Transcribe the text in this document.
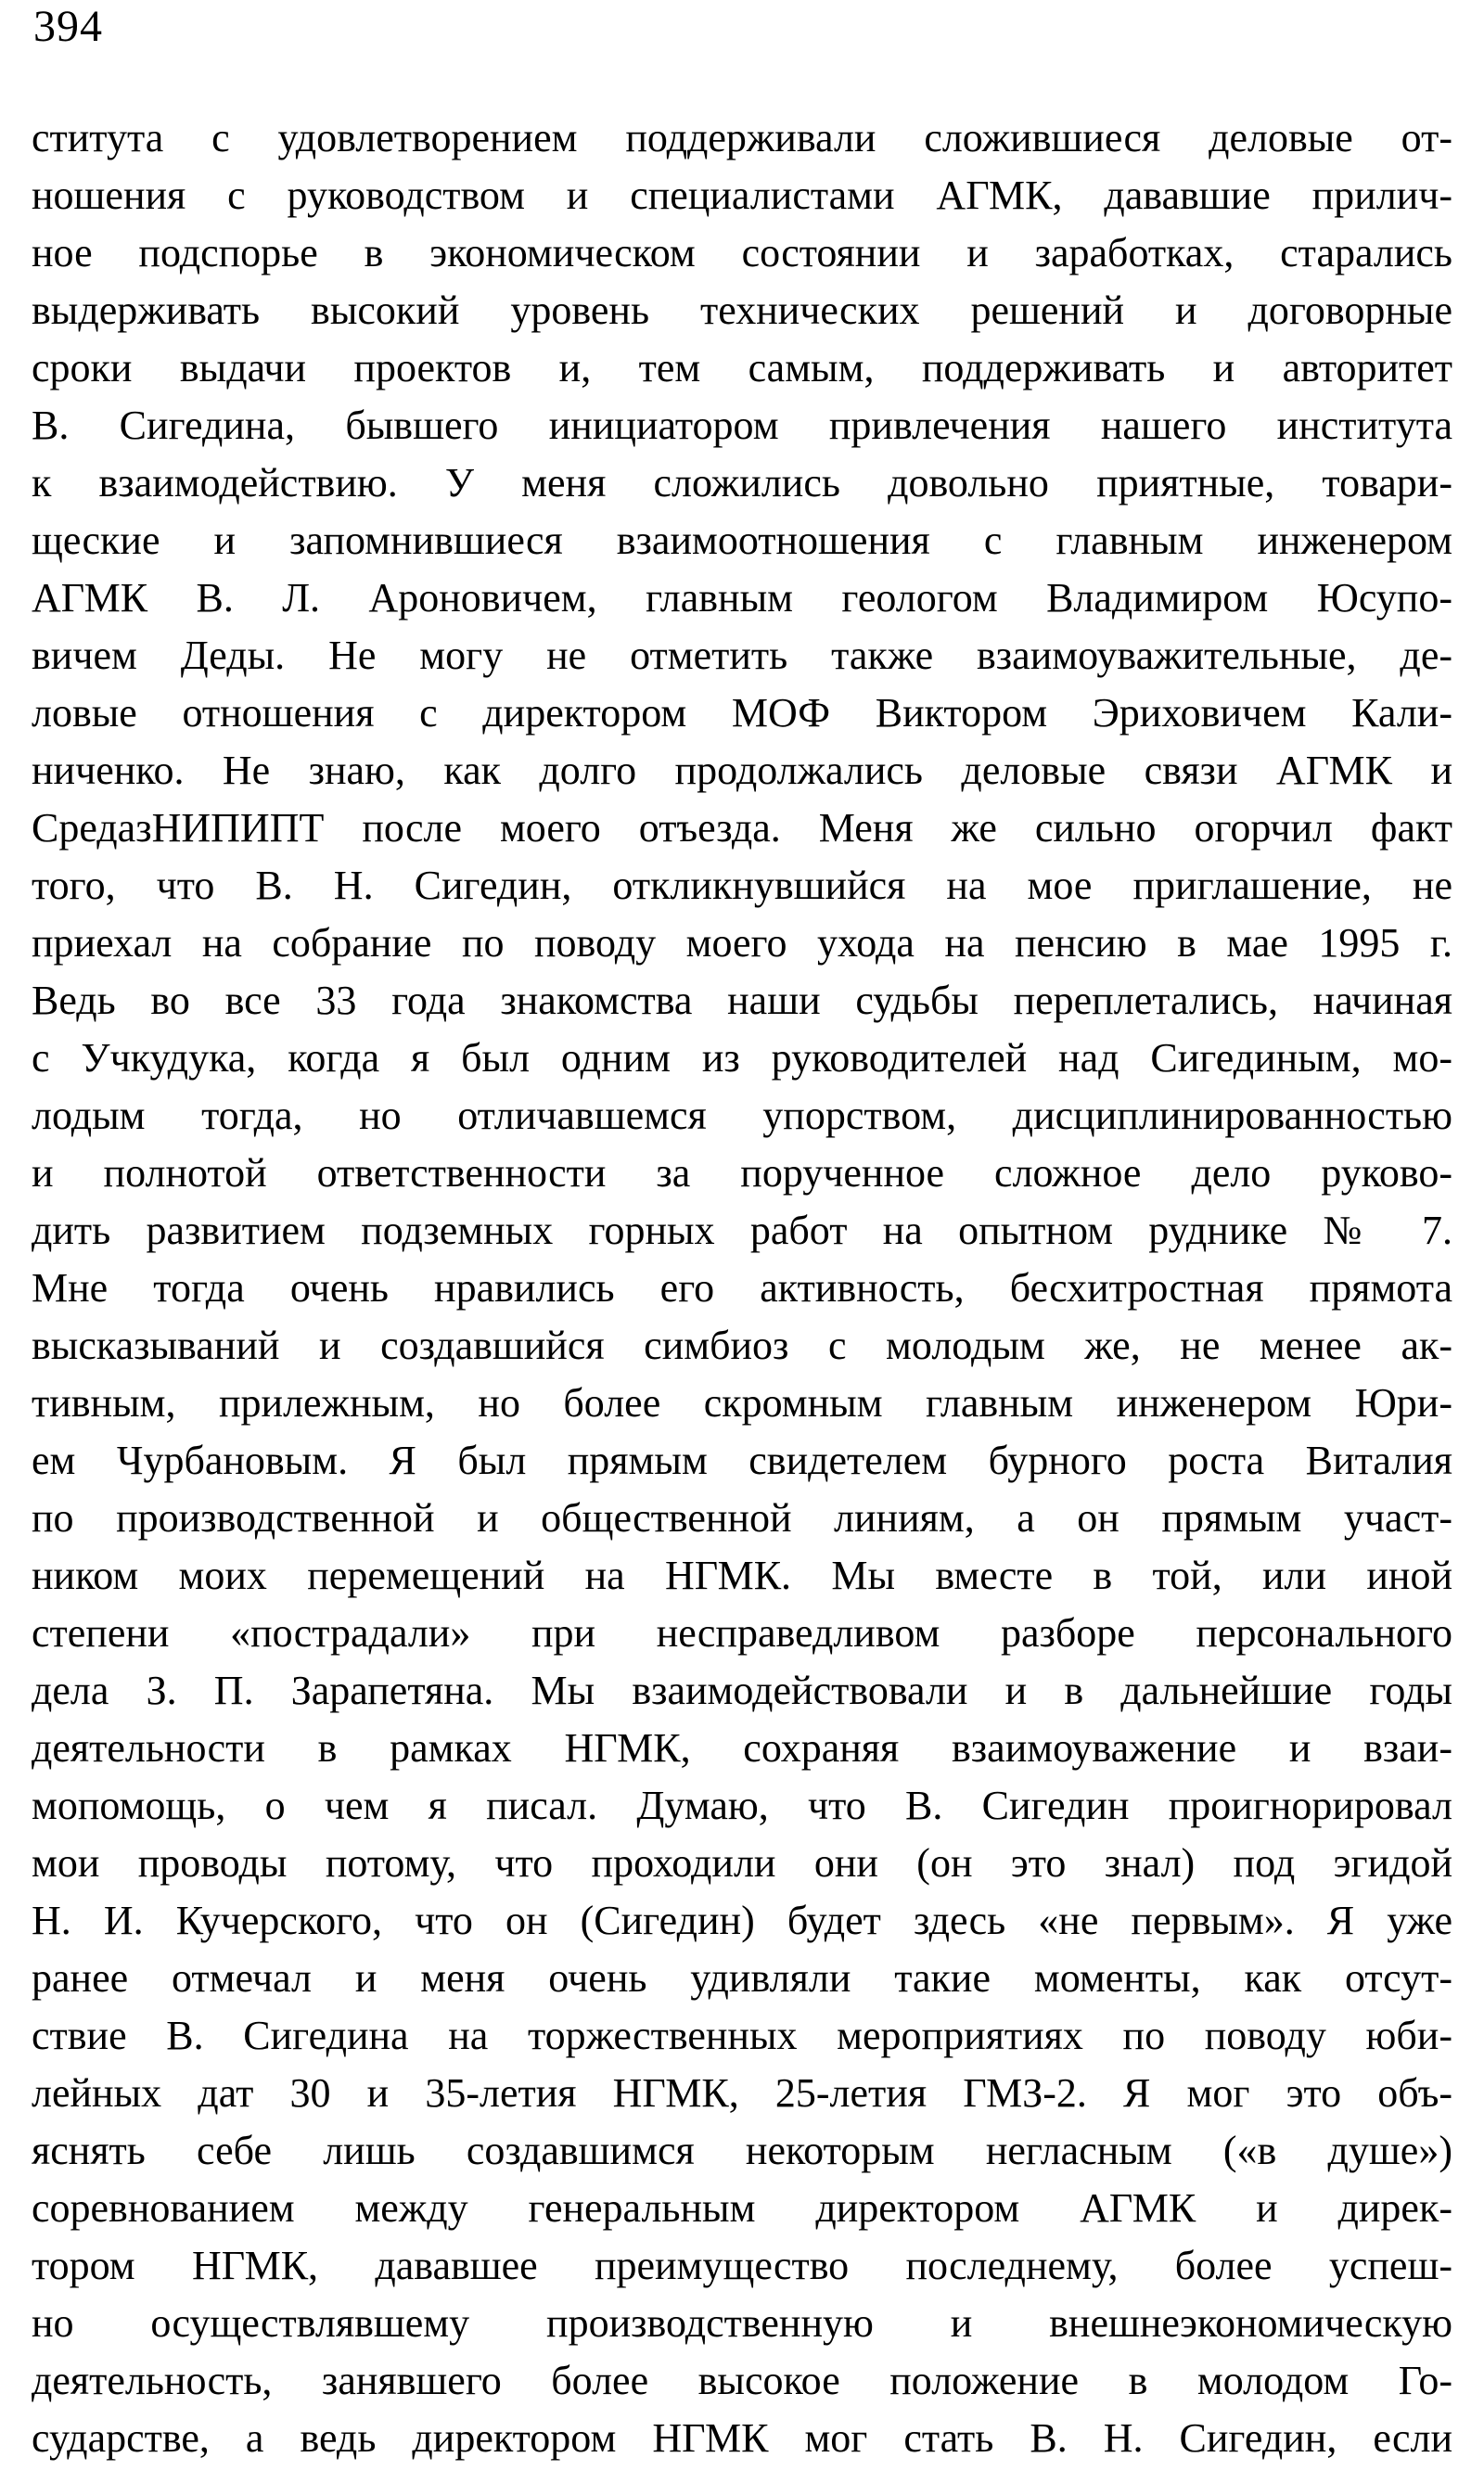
394
ститута с удовлетворением поддерживали сложившиеся деловые от-
ношения с руководством и специалистами АГМК, дававшие прилич-
ное подспорье в экономическом состоянии и заработках, старались
выдерживать высокий уровень технических решений и договорные
сроки выдачи проектов и, тем самым, поддерживать и авторитет
В. Сигедина, бывшего инициатором привлечения нашего института
к взаимодействию. У меня сложились довольно приятные, товари-
щеские и запомнившиеся взаимоотношения с главным инженером
АГМК В. Л. Ароновичем, главным геологом Владимиром Юсупо-
вичем Деды. Не могу не отметить также взаимоуважительные, де-
ловые отношения с директором МОФ Виктором Эриховичем Кали-
ниченко. Не знаю, как долго продолжались деловые связи АГМК и
СредазНИПИПТ после моего отъезда. Меня же сильно огорчил факт
того, что В. Н. Сигедин, откликнувшийся на мое приглашение, не
приехал на собрание по поводу моего ухода на пенсию в мае 1995 г.
Ведь во все 33 года знакомства наши судьбы переплетались, начиная
с Учкудука, когда я был одним из руководителей над Сигединым, мо-
лодым тогда, но отличавшемся упорством, дисциплинированностью
и полнотой ответственности за порученное сложное дело руково-
дить развитием подземных горных работ на опытном руднике № 7.
Мне тогда очень нравились его активность, бесхитростная прямота
высказываний и создавшийся симбиоз с молодым же, не менее ак-
тивным, прилежным, но более скромным главным инженером Юри-
ем Чурбановым. Я был прямым свидетелем бурного роста Виталия
по производственной и общественной линиям, а он прямым участ-
ником моих перемещений на НГМК. Мы вместе в той, или иной
степени «пострадали» при несправедливом разборе персонального
дела З. П. Зарапетяна. Мы взаимодействовали и в дальнейшие годы
деятельности в рамках НГМК, сохраняя взаимоуважение и взаи-
мопомощь, о чем я писал. Думаю, что В. Сигедин проигнорировал
мои проводы потому, что проходили они (он это знал) под эгидой
Н. И. Кучерского, что он (Сигедин) будет здесь «не первым». Я уже
ранее отмечал и меня очень удивляли такие моменты, как отсут-
ствие В. Сигедина на торжественных мероприятиях по поводу юби-
лейных дат 30 и 35-летия НГМК, 25-летия ГМЗ-2. Я мог это объ-
яснять себе лишь создавшимся некоторым негласным («в душе»)
соревнованием между генеральным директором АГМК и дирек-
тором НГМК, дававшее преимущество последнему, более успеш-
но осуществлявшему производственную и внешнеэкономическую
деятельность, занявшего более высокое положение в молодом Го-
сударстве, а ведь директором НГМК мог стать В. Н. Сигедин, если
